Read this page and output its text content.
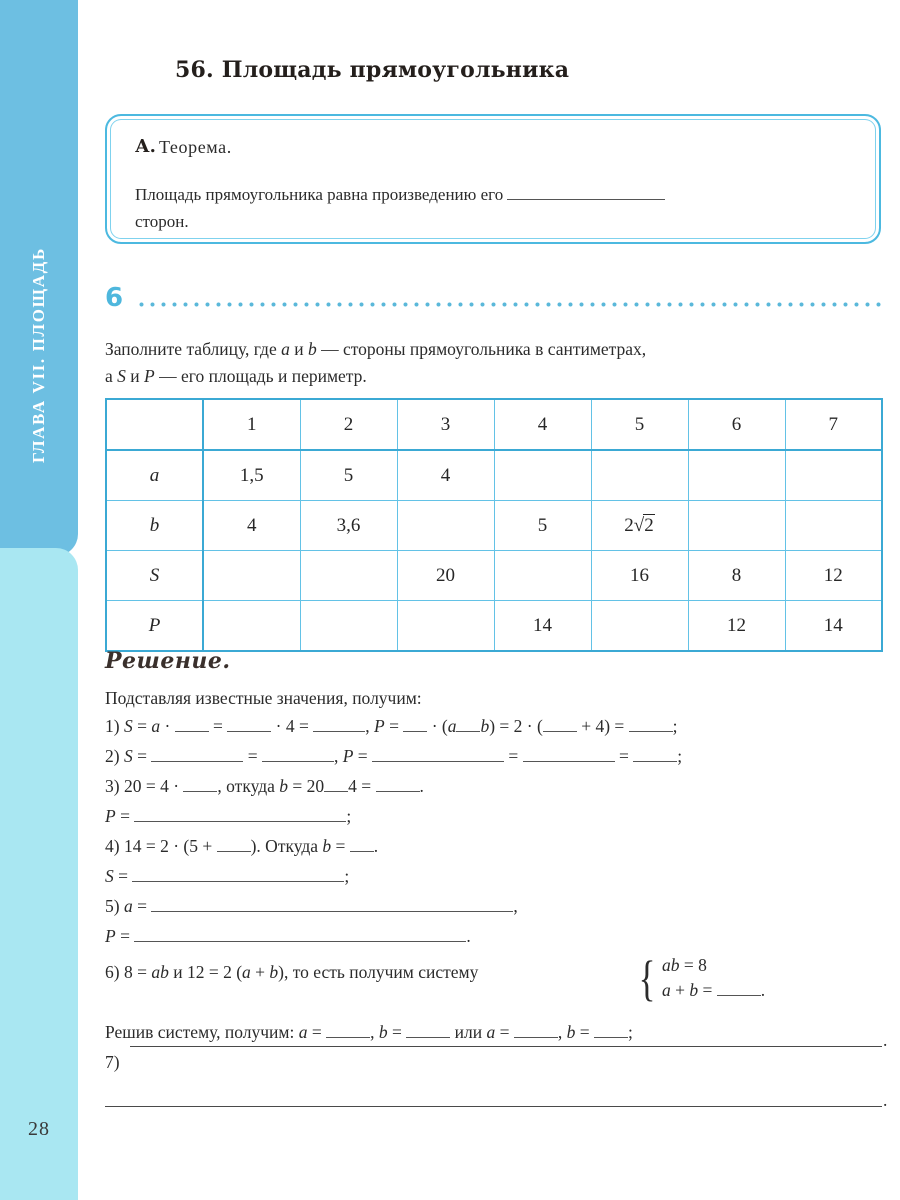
ГЛАВА VII. ПЛОЩАДЬ
28
56. Площадь прямоугольника
А. Теорема.
Площадь прямоугольника равна произведению его
сторон.
6
Заполните таблицу, где a и b — стороны прямоугольника в сантиметрах,
а S и P — его площадь и периметр.
	1	2	3	4	5	6	7
a	1,5	5	4				
b	4	3,6		5	2√2		
S			20		16	8	12
P				14		12	14
Решение.
Подставляя известные значения, получим:
1) S = a ·  =	· 4 =	, P =  · (a b) = 2 · ( + 4) =	;
2) S =	=	, P =	=	=	;
3) 20 = 4 · , откуда b = 20 4 =	.
P =	;
4) 14 = 2 · (5 + ). Откуда b = .
S =	;
5) a =	,
P =	.
6) 8 = ab и 12 = 2 (a + b), то есть получим систему	{ ab = 8
a + b =	.
Решив систему, получим: a =	, b =	или a =	, b = ;
7)
.
.
